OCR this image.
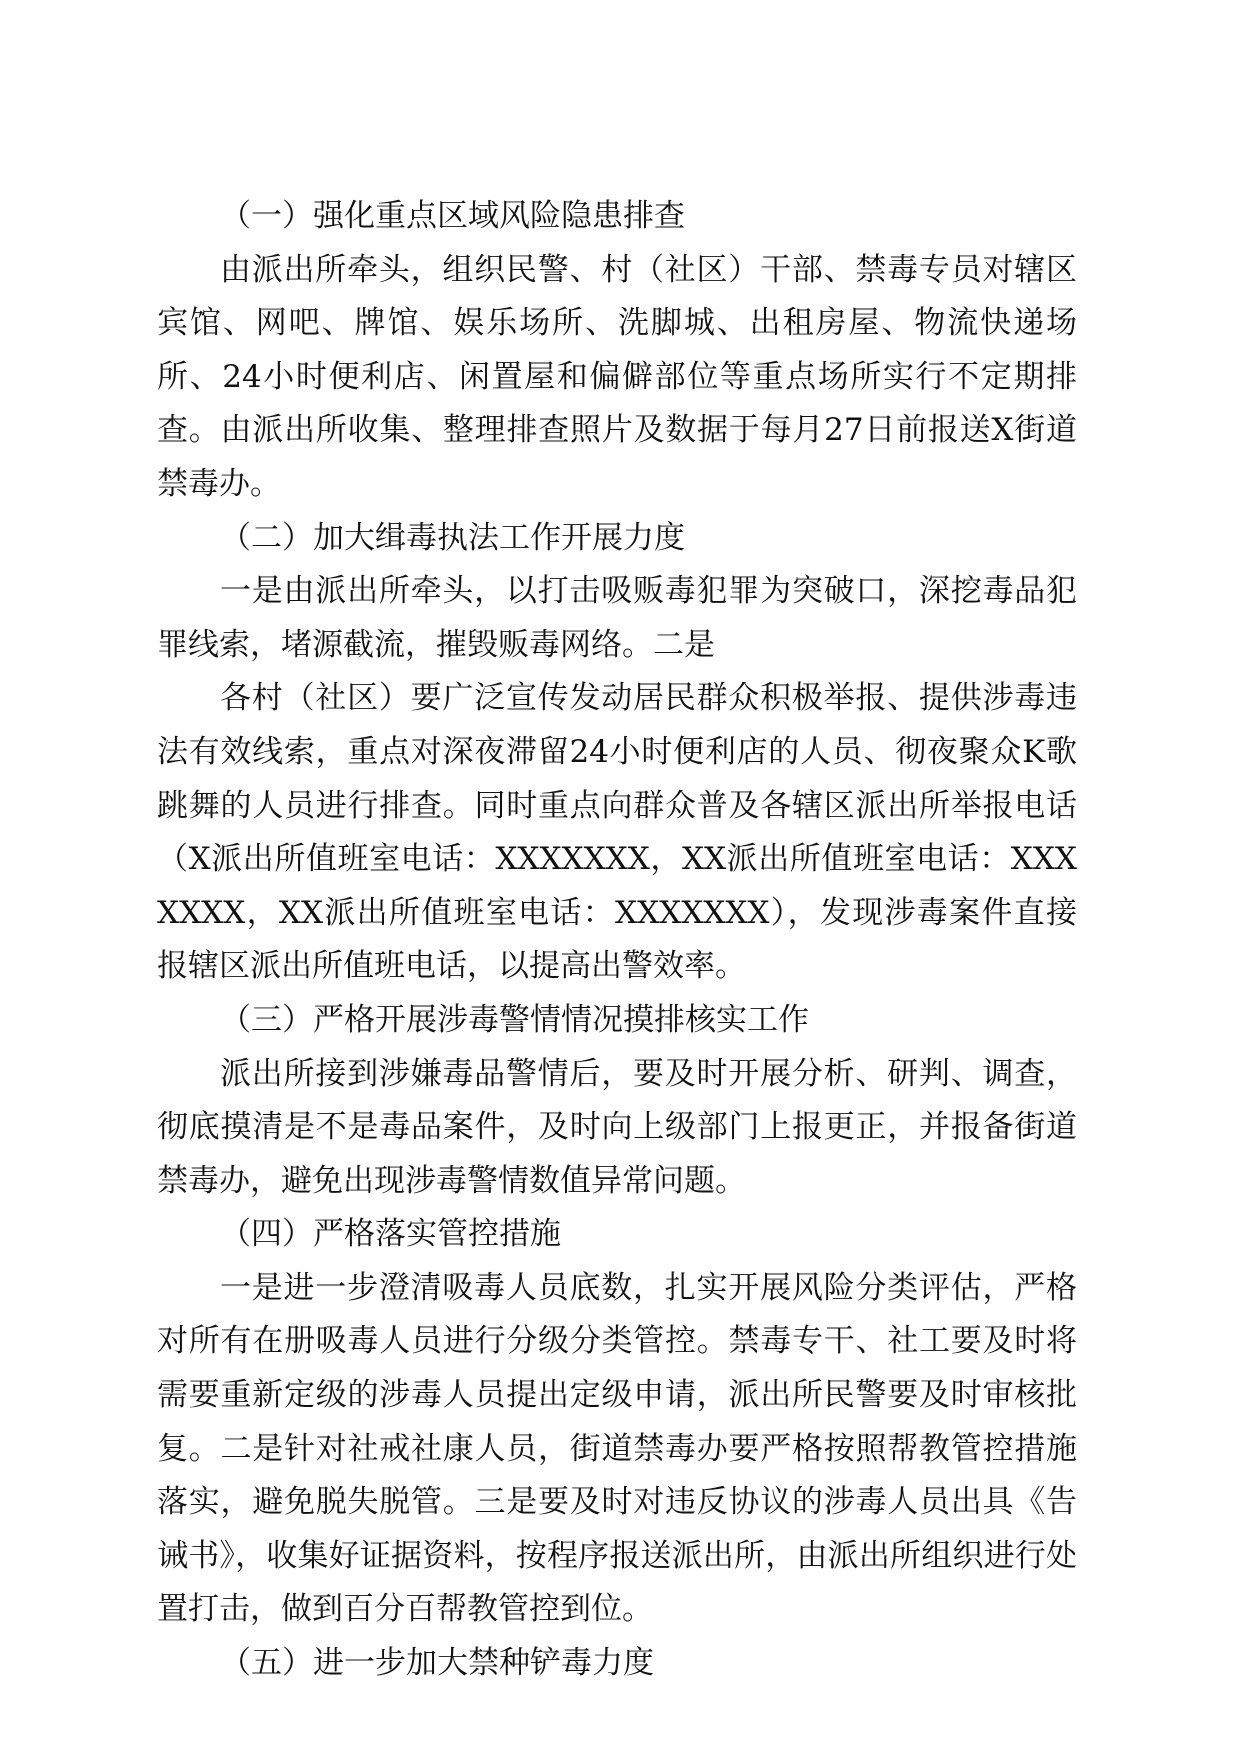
（一）强化重点区域风险隐患排查

由派出所牵头，组织民警、村（社区）干部、禁毒专员对辖区宾馆、网吧、牌馆、娱乐场所、洗脚城、出租房屋、物流快递场所、24小时便利店、闲置屋和偏僻部位等重点场所实行不定期排查。由派出所收集、整理排查照片及数据于每月27日前报送X街道禁毒办。

（二）加大缉毒执法工作开展力度

一是由派出所牵头，以打击吸贩毒犯罪为突破口，深挖毒品犯罪线索，堵源截流，摧毁贩毒网络。二是

各村（社区）要广泛宣传发动居民群众积极举报、提供涉毒违法有效线索，重点对深夜滞留24小时便利店的人员、彻夜聚众K歌跳舞的人员进行排查。同时重点向群众普及各辖区派出所举报电话（X派出所值班室电话：XXXXXXX，XX派出所值班室电话：XXXXXXX，XX派出所值班室电话：XXXXXXX），发现涉毒案件直接报辖区派出所值班电话，以提高出警效率。

（三）严格开展涉毒警情情况摸排核实工作

派出所接到涉嫌毒品警情后，要及时开展分析、研判、调查，彻底摸清是不是毒品案件，及时向上级部门上报更正，并报备街道禁毒办，避免出现涉毒警情数值异常问题。

（四）严格落实管控措施

一是进一步澄清吸毒人员底数，扎实开展风险分类评估，严格对所有在册吸毒人员进行分级分类管控。禁毒专干、社工要及时将需要重新定级的涉毒人员提出定级申请，派出所民警要及时审核批复。二是针对社戒社康人员，街道禁毒办要严格按照帮教管控措施落实，避免脱失脱管。三是要及时对违反协议的涉毒人员出具《告诫书》，收集好证据资料，按程序报送派出所，由派出所组织进行处置打击，做到百分百帮教管控到位。

（五）进一步加大禁种铲毒力度
